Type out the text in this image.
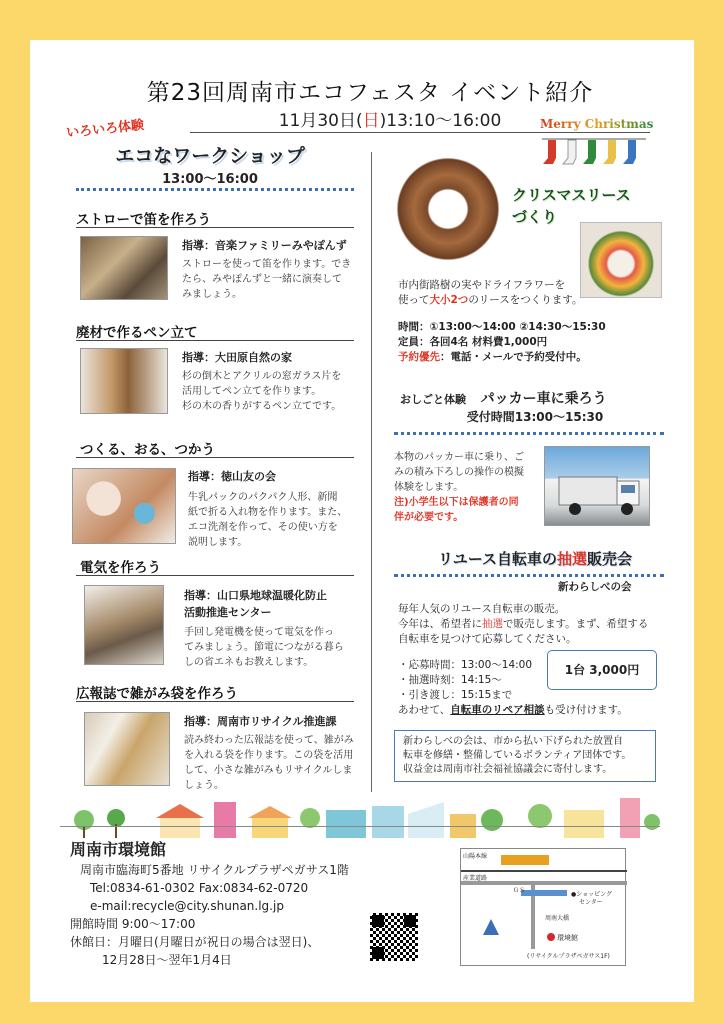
第23回周南市エコフェスタ イベント紹介
11月30日(日)13:10～16:00
いろいろ体験
エコなワークショップ
13:00～16:00
ストローで笛を作ろう
指導：音楽ファミリーみやぽんず
ストローを使って笛を作ります。でき
たら、みやぽんずと一緒に演奏して
みましょう。
廃材で作るペン立て
指導：大田原自然の家
杉の倒木とアクリルの窓ガラス片を
活用してペン立てを作ります。
杉の木の香りがするペン立てです。
つくる、おる、つかう
指導：徳山友の会
牛乳パックのパクパク人形、新聞
紙で折る入れ物を作ります。また、
エコ洗剤を作って、その使い方を
説明します。
電気を作ろう
指導：山口県地球温暖化防止
活動推進センター
手回し発電機を使って電気を作っ
てみましょう。節電につながる暮ら
しの省エネもお教えします。
広報誌で雑がみ袋を作ろう
指導：周南市リサイクル推進課
読み終わった広報誌を使って、雑がみ
を入れる袋を作ります。この袋を活用
して、小さな雑がみもリサイクルしま
しょう。
Merry Christmas
クリスマスリース
づくり
市内街路樹の実やドライフラワーを
使って大小2つのリースをつくります。
時間：①13:00～14:00 ②14:30～15:30
定員：各回4名 材料費1,000円
予約優先：電話・メールで予約受付中。
おしごと体験 パッカー車に乗ろう
受付時間13:00～15:30
本物のパッカー車に乗り、ご
みの積み下ろしの操作の模擬
体験をします。
注)小学生以下は保護者の同
伴が必要です。
リユース自転車の抽選販売会
新わらしべの会
毎年人気のリユース自転車の販売。
今年は、希望者に抽選で販売します。まず、希望する
自転車を見つけて応募してください。
・応募時間：13:00～14:00
・抽選時刻：14:15～
・引き渡し：15:15まで
あわせて、自転車のリペア相談も受け付けます。
1台 3,000円
新わらしべの会は、市から払い下げられた放置自
転車を修繕・整備しているボランティア団体です。
収益金は周南市社会福祉協議会に寄付します。
周南市環境館
周南市臨海町5番地 リサイクルプラザペガサス1階
Tel:0834-61-0302 Fax:0834-62-0720
e-mail:recycle@city.shunan.lg.jp
開館時間 9:00～17:00
休館日：月曜日(月曜日が祝日の場合は翌日)、
12月28日～翌年1月4日
山陽本線
産業道路
ＧＳ
●ショッピング
センター
周南大橋
環境館
(リサイクルプラザペガサス1F)
